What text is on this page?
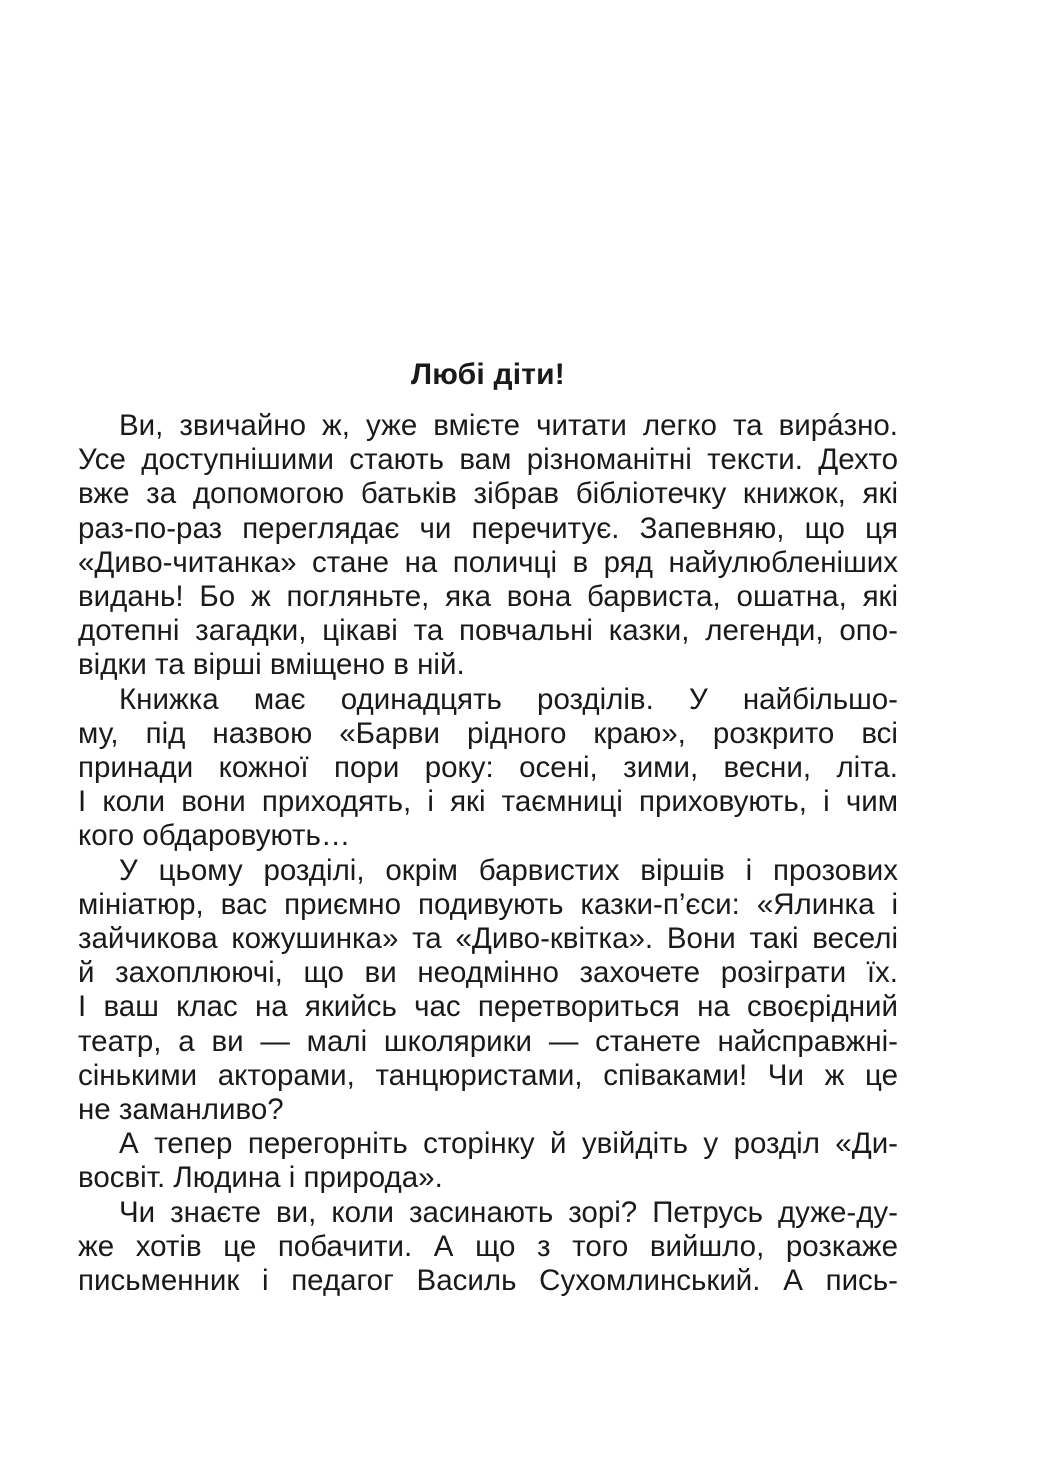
Любі діти!

Ви, звичайно ж, уже вмієте читати легко та вирáзно.
Усе доступнішими стають вам різноманітні тексти. Дехто
вже за допомогою батьків зібрав бібліотечку книжок, які
раз-по-раз переглядає чи перечитує. Запевняю, що ця
«Диво-читанка» стане на поличці в ряд найулюбленіших
видань! Бо ж погляньте, яка вона барвиста, ошатна, які
дотепні загадки, цікаві та повчальні казки, легенди, опо-
відки та вірші вміщено в ній.

Книжка має одинадцять розділів. У найбільшо-
му, під назвою «Барви рідного краю», розкрито всі
принади кожної пори року: осені, зими, весни, літа.
І коли вони приходять, і які таємниці приховують, і чим
кого обдаровують…

У цьому розділі, окрім барвистих віршів і прозових
мініатюр, вас приємно подивують казки-п’єси: «Ялинка і
зайчикова кожушинка» та «Диво-квітка». Вони такі веселі
й захоплюючі, що ви неодмінно захочете розіграти їх.
І ваш клас на якийсь час перетвориться на своєрідний
театр, а ви — малі школярики — станете найсправжні-
сінькими акторами, танцюристами, співаками! Чи ж це
не заманливо?

А тепер перегорніть сторінку й увійдіть у розділ «Ди-
восвіт. Людина і природа».

Чи знаєте ви, коли засинають зорі? Петрусь дуже-ду-
же хотів це побачити. А що з того вийшло, розкаже
письменник і педагог Василь Сухомлинський. А пись-
